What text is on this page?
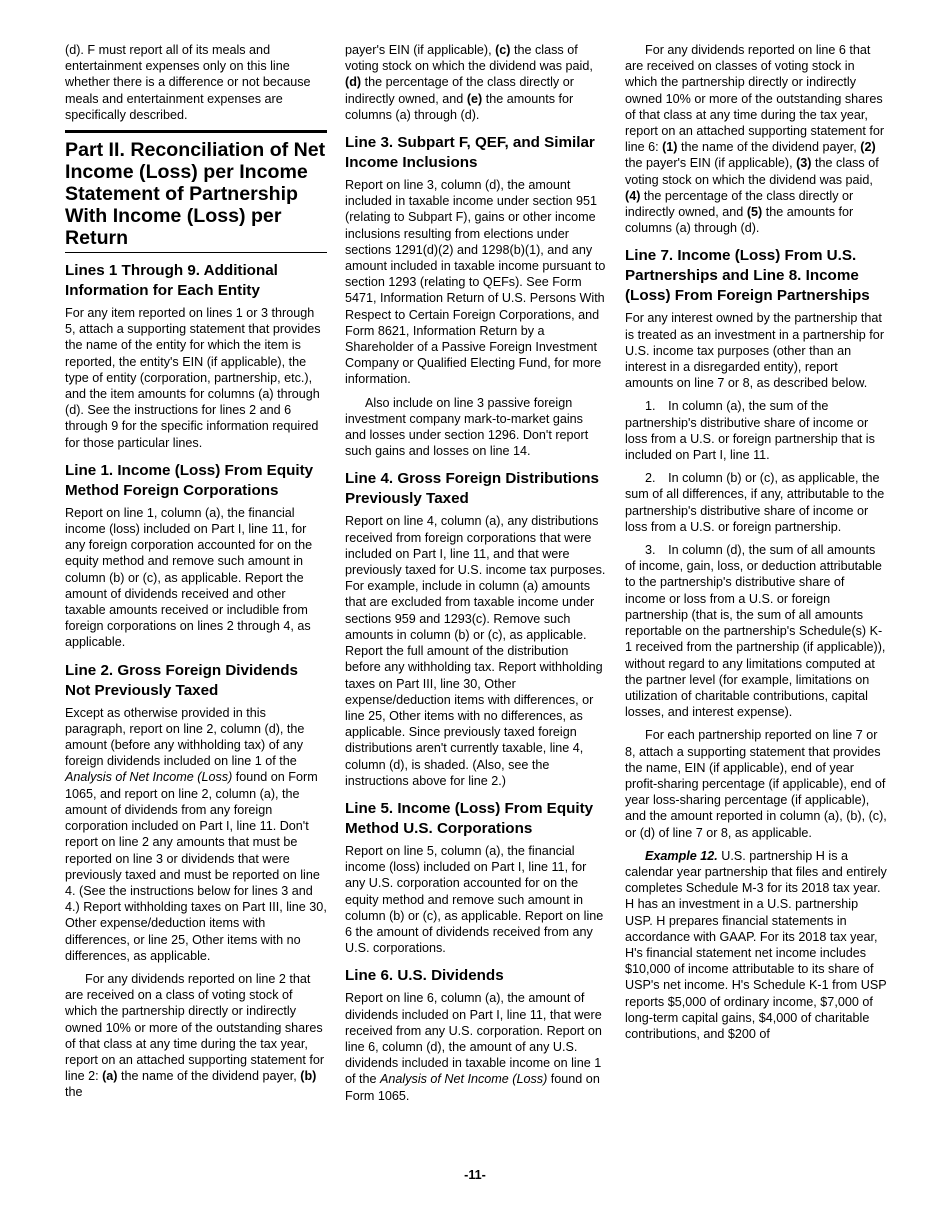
(d). F must report all of its meals and entertainment expenses only on this line whether there is a difference or not because meals and entertainment expenses are specifically described.

Part II. Reconciliation of Net Income (Loss) per Income Statement of Partnership With Income (Loss) per Return
Lines 1 Through 9. Additional Information for Each Entity

For any item reported on lines 1 or 3 through 5, attach a supporting statement that provides the name of the entity for which the item is reported, the entity's EIN (if applicable), the type of entity (corporation, partnership, etc.), and the item amounts for columns (a) through (d). See the instructions for lines 2 and 6 through 9 for the specific information required for those particular lines.

Line 1. Income (Loss) From Equity Method Foreign Corporations

Report on line 1, column (a), the financial income (loss) included on Part I, line 11, for any foreign corporation accounted for on the equity method and remove such amount in column (b) or (c), as applicable. Report the amount of dividends received and other taxable amounts received or includible from foreign corporations on lines 2 through 4, as applicable.

Line 2. Gross Foreign Dividends Not Previously Taxed

Except as otherwise provided in this paragraph, report on line 2, column (d), the amount (before any withholding tax) of any foreign dividends included on line 1 of the Analysis of Net Income (Loss) found on Form 1065, and report on line 2, column (a), the amount of dividends from any foreign corporation included on Part I, line 11. Don't report on line 2 any amounts that must be reported on line 3 or dividends that were previously taxed and must be reported on line 4. (See the instructions below for lines 3 and 4.) Report withholding taxes on Part III, line 30, Other expense/deduction items with differences, or line 25, Other items with no differences, as applicable.

For any dividends reported on line 2 that are received on a class of voting stock of which the partnership directly or indirectly owned 10% or more of the outstanding shares of that class at any time during the tax year, report on an attached supporting statement for line 2: (a) the name of the dividend payer, (b) the

payer's EIN (if applicable), (c) the class of voting stock on which the dividend was paid, (d) the percentage of the class directly or indirectly owned, and (e) the amounts for columns (a) through (d).

Line 3. Subpart F, QEF, and Similar Income Inclusions

Report on line 3, column (d), the amount included in taxable income under section 951 (relating to Subpart F), gains or other income inclusions resulting from elections under sections 1291(d)(2) and 1298(b)(1), and any amount included in taxable income pursuant to section 1293 (relating to QEFs). See Form 5471, Information Return of U.S. Persons With Respect to Certain Foreign Corporations, and Form 8621, Information Return by a Shareholder of a Passive Foreign Investment Company or Qualified Electing Fund, for more information.

Also include on line 3 passive foreign investment company mark-to-market gains and losses under section 1296. Don't report such gains and losses on line 14.

Line 4. Gross Foreign Distributions Previously Taxed

Report on line 4, column (a), any distributions received from foreign corporations that were included on Part I, line 11, and that were previously taxed for U.S. income tax purposes. For example, include in column (a) amounts that are excluded from taxable income under sections 959 and 1293(c). Remove such amounts in column (b) or (c), as applicable. Report the full amount of the distribution before any withholding tax. Report withholding taxes on Part III, line 30, Other expense/deduction items with differences, or line 25, Other items with no differences, as applicable. Since previously taxed foreign distributions aren't currently taxable, line 4, column (d), is shaded. (Also, see the instructions above for line 2.)

Line 5. Income (Loss) From Equity Method U.S. Corporations

Report on line 5, column (a), the financial income (loss) included on Part I, line 11, for any U.S. corporation accounted for on the equity method and remove such amount in column (b) or (c), as applicable. Report on line 6 the amount of dividends received from any U.S. corporations.

Line 6. U.S. Dividends

Report on line 6, column (a), the amount of dividends included on Part I, line 11, that were received from any U.S. corporation. Report on line 6, column (d), the amount of any U.S. dividends included in taxable income on line 1 of the Analysis of Net Income (Loss) found on Form 1065.

For any dividends reported on line 6 that are received on classes of voting stock in which the partnership directly or indirectly owned 10% or more of the outstanding shares of that class at any time during the tax year, report on an attached supporting statement for line 6: (1) the name of the dividend payer, (2) the payer's EIN (if applicable), (3) the class of voting stock on which the dividend was paid, (4) the percentage of the class directly or indirectly owned, and (5) the amounts for columns (a) through (d).

Line 7. Income (Loss) From U.S. Partnerships and Line 8. Income (Loss) From Foreign Partnerships

For any interest owned by the partnership that is treated as an investment in a partnership for U.S. income tax purposes (other than an interest in a disregarded entity), report amounts on line 7 or 8, as described below.

1. In column (a), the sum of the partnership's distributive share of income or loss from a U.S. or foreign partnership that is included on Part I, line 11.

2. In column (b) or (c), as applicable, the sum of all differences, if any, attributable to the partnership's distributive share of income or loss from a U.S. or foreign partnership.

3. In column (d), the sum of all amounts of income, gain, loss, or deduction attributable to the partnership's distributive share of income or loss from a U.S. or foreign partnership (that is, the sum of all amounts reportable on the partnership's Schedule(s) K-1 received from the partnership (if applicable)), without regard to any limitations computed at the partner level (for example, limitations on utilization of charitable contributions, capital losses, and interest expense).

For each partnership reported on line 7 or 8, attach a supporting statement that provides the name, EIN (if applicable), end of year profit-sharing percentage (if applicable), end of year loss-sharing percentage (if applicable), and the amount reported in column (a), (b), (c), or (d) of line 7 or 8, as applicable.

Example 12. U.S. partnership H is a calendar year partnership that files and entirely completes Schedule M-3 for its 2018 tax year. H has an investment in a U.S. partnership USP. H prepares financial statements in accordance with GAAP. For its 2018 tax year, H's financial statement net income includes $10,000 of income attributable to its share of USP's net income. H's Schedule K-1 from USP reports $5,000 of ordinary income, $7,000 of long-term capital gains, $4,000 of charitable contributions, and $200 of

-11-
